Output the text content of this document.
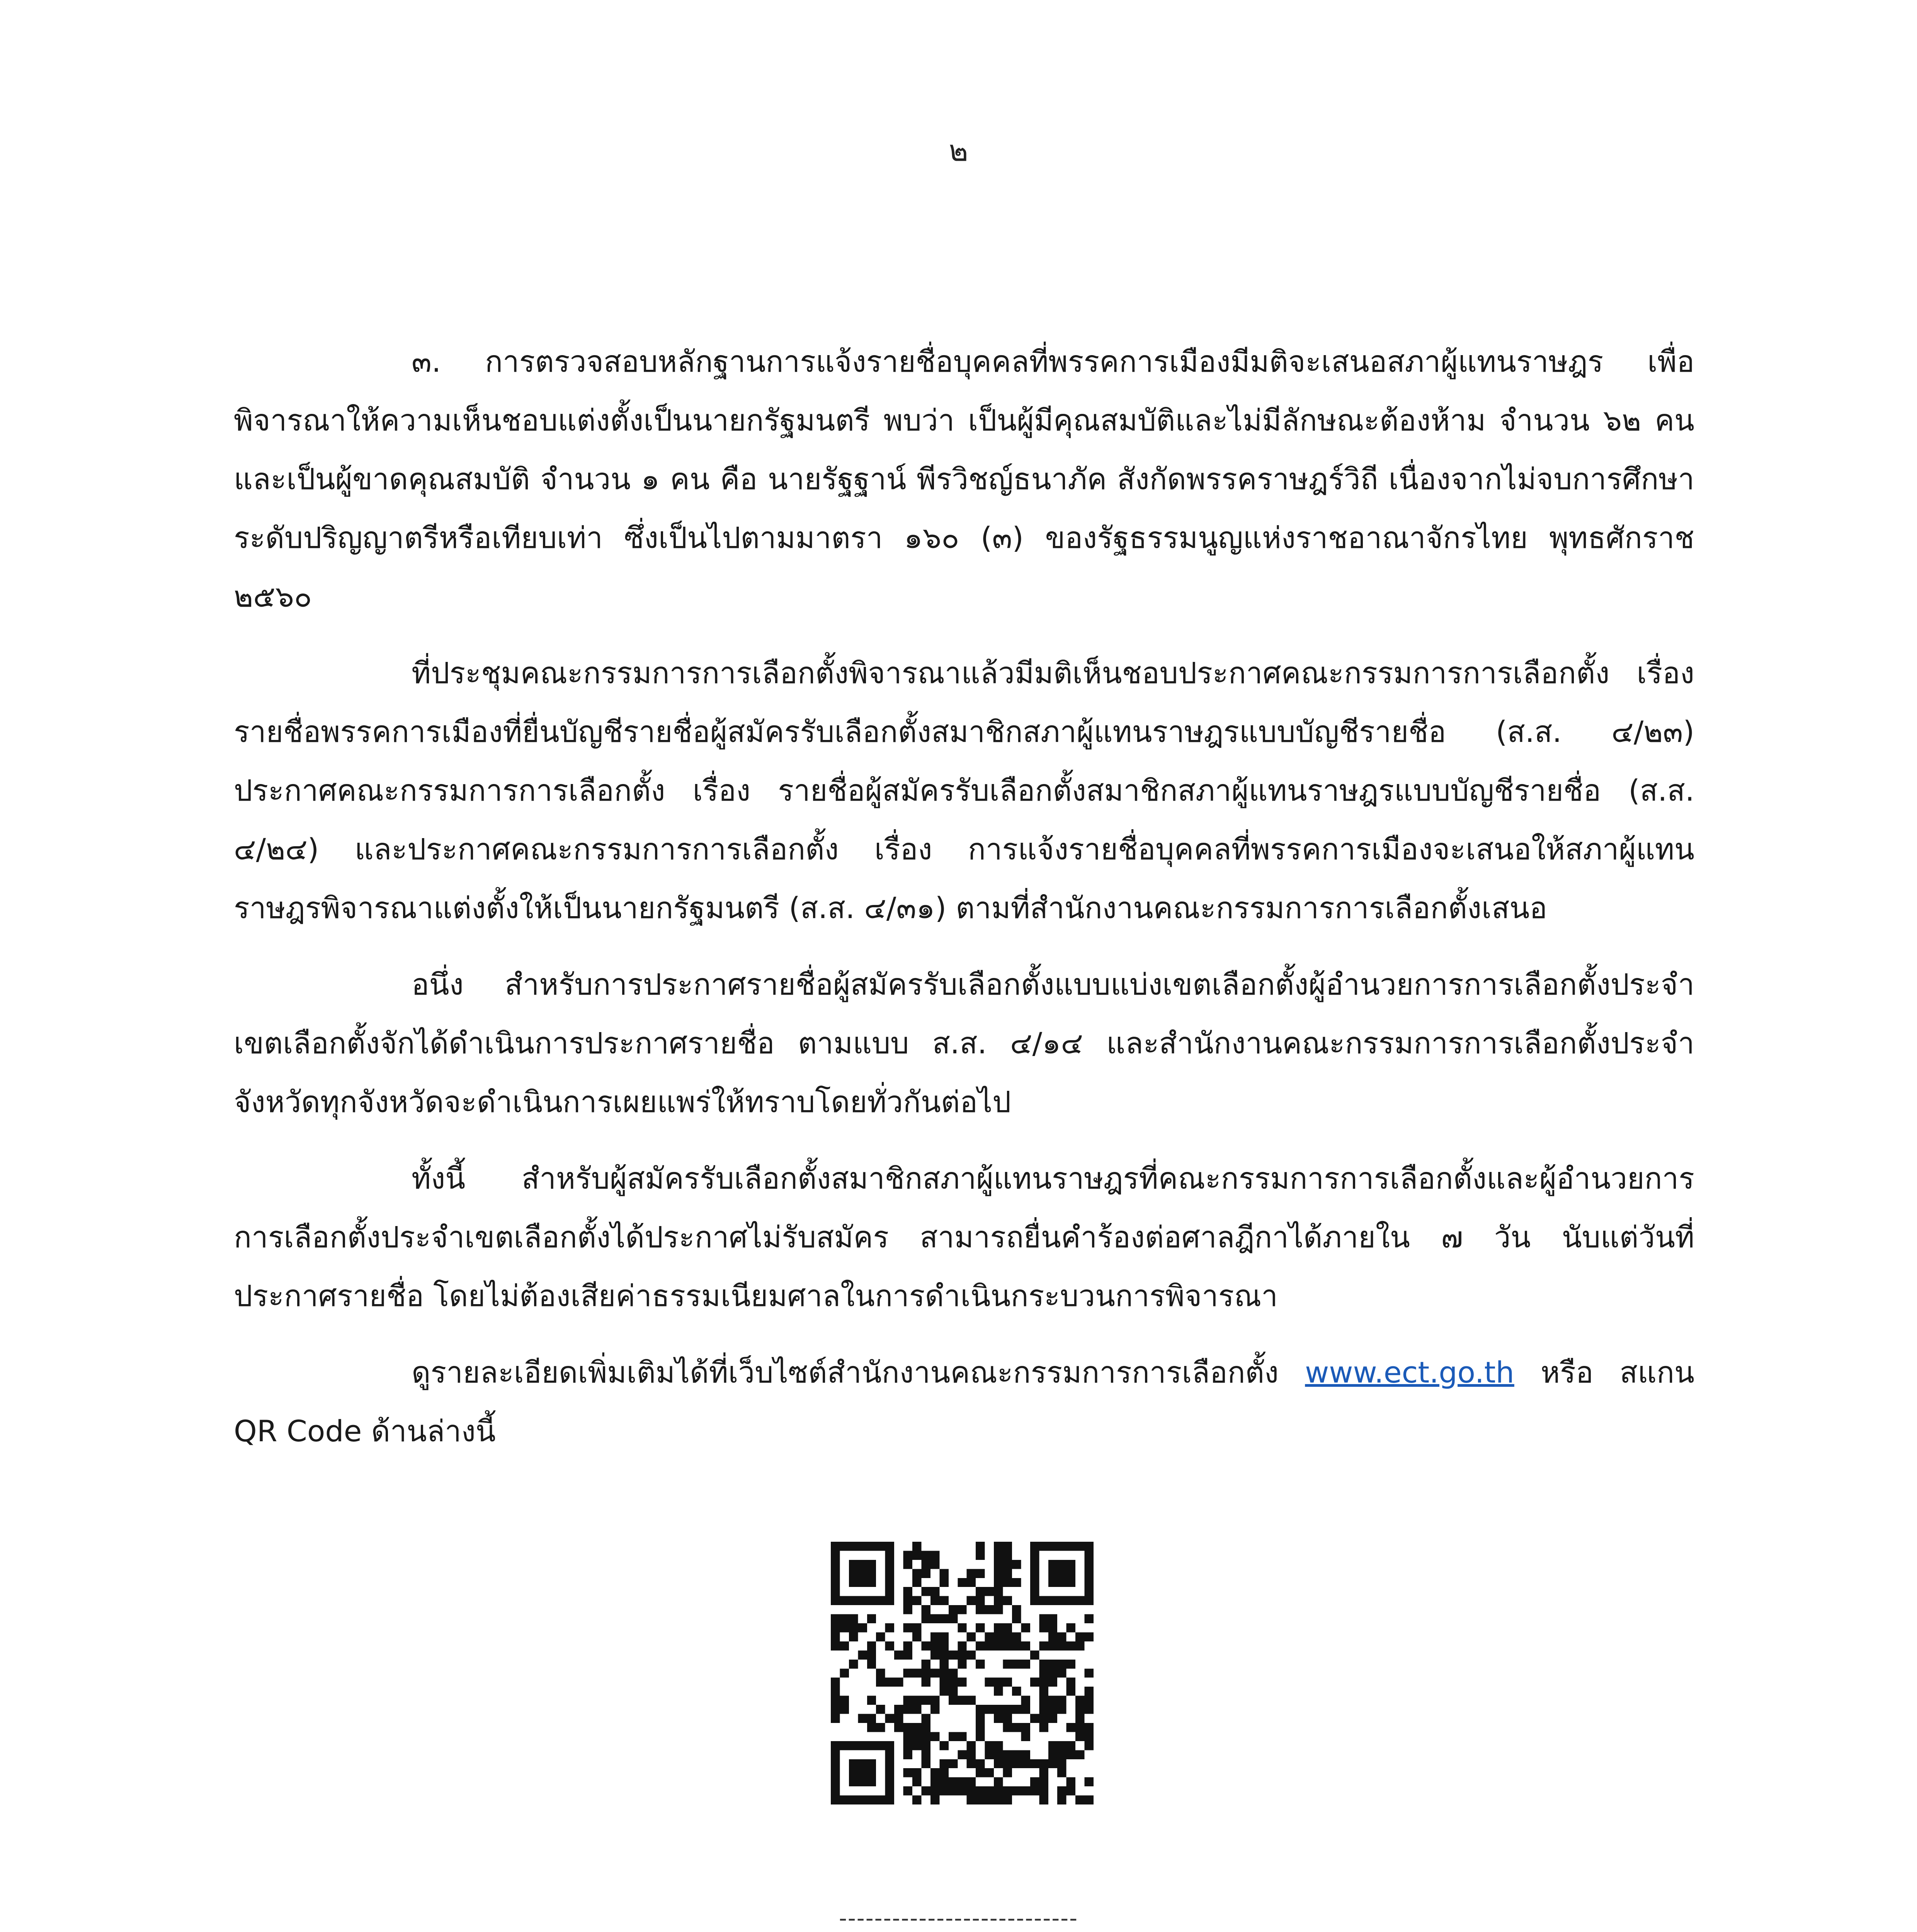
๒

๓. การตรวจสอบหลักฐานการแจ้งรายชื่อบุคคลที่พรรคการเมืองมีมติจะเสนอสภาผู้แทนราษฎร เพื่อพิจารณาให้ความเห็นชอบแต่งตั้งเป็นนายกรัฐมนตรี พบว่า เป็นผู้มีคุณสมบัติและไม่มีลักษณะต้องห้าม จำนวน ๖๒ คน และเป็นผู้ขาดคุณสมบัติ จำนวน ๑ คน คือ นายรัฐฐาน์ พีรวิชญ์ธนาภัค สังกัดพรรคราษฎร์วิถี เนื่องจากไม่จบการศึกษาระดับปริญญาตรีหรือเทียบเท่า ซึ่งเป็นไปตามมาตรา ๑๖๐ (๓) ของรัฐธรรมนูญแห่งราชอาณาจักรไทย พุทธศักราช ๒๕๖๐

ที่ประชุมคณะกรรมการการเลือกตั้งพิจารณาแล้วมีมติเห็นชอบประกาศคณะกรรมการการเลือกตั้ง เรื่อง รายชื่อพรรคการเมืองที่ยื่นบัญชีรายชื่อผู้สมัครรับเลือกตั้งสมาชิกสภาผู้แทนราษฎรแบบบัญชีรายชื่อ (ส.ส. ๔/๒๓) ประกาศคณะกรรมการการเลือกตั้ง เรื่อง รายชื่อผู้สมัครรับเลือกตั้งสมาชิกสภาผู้แทนราษฎรแบบบัญชีรายชื่อ (ส.ส. ๔/๒๔) และประกาศคณะกรรมการการเลือกตั้ง เรื่อง การแจ้งรายชื่อบุคคลที่พรรคการเมืองจะเสนอให้สภาผู้แทนราษฎรพิจารณาแต่งตั้งให้เป็นนายกรัฐมนตรี (ส.ส. ๔/๓๑) ตามที่สำนักงานคณะกรรมการการเลือกตั้งเสนอ

อนึ่ง สำหรับการประกาศรายชื่อผู้สมัครรับเลือกตั้งแบบแบ่งเขตเลือกตั้งผู้อำนวยการการเลือกตั้งประจำเขตเลือกตั้งจักได้ดำเนินการประกาศรายชื่อ ตามแบบ ส.ส. ๔/๑๔ และสำนักงานคณะกรรมการการเลือกตั้งประจำจังหวัดทุกจังหวัดจะดำเนินการเผยแพร่ให้ทราบโดยทั่วกันต่อไป

ทั้งนี้ สำหรับผู้สมัครรับเลือกตั้งสมาชิกสภาผู้แทนราษฎรที่คณะกรรมการการเลือกตั้งและผู้อำนวยการการเลือกตั้งประจำเขตเลือกตั้งได้ประกาศไม่รับสมัคร สามารถยื่นคำร้องต่อศาลฎีกาได้ภายใน ๗ วัน นับแต่วันที่ประกาศรายชื่อ โดยไม่ต้องเสียค่าธรรมเนียมศาลในการดำเนินกระบวนการพิจารณา

ดูรายละเอียดเพิ่มเติมได้ที่เว็บไซต์สำนักงานคณะกรรมการการเลือกตั้ง www.ect.go.th หรือ สแกน QR Code ด้านล่างนี้

---------------------------
